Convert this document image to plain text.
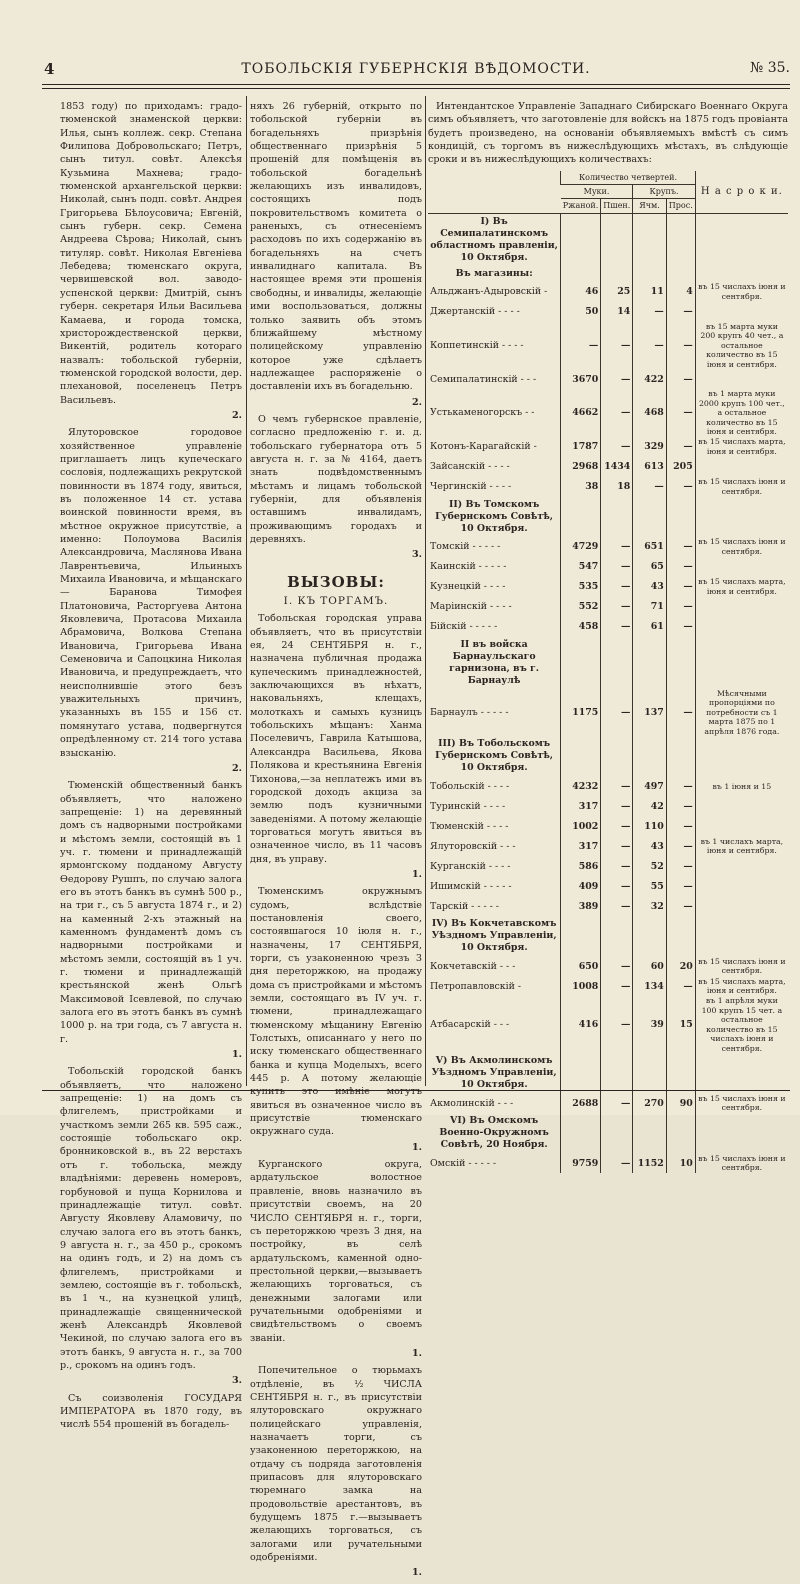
4	ТОБОЛЬСКІЯ ГУБЕРНСКІЯ ВѢДОМОСТИ.	№ 35.

1853 году) по приходамъ: градо-тюменской знаменской церкви: Илья, сынъ коллеж. секр. Степана Филипова Добровольскаго; Петръ, сынъ титул. совѣт. Алексѣя Кузьмина Махнева; градо-тюменской архангельской церкви: Николай, сынъ подп. совѣт. Андрея Григорьева Бѣлоусовича; Евгеній, сынъ губерн. секр. Семена Андреева Сѣрова; Николай, сынъ титуляр. совѣт. Николая Евгеніева Лебедева; тюменскаго округа, червишевской вол. заводо-успенской церкви: Дмитрій, сынъ губерн. секретаря Ильи Васильева Камаева, и города томска, христорождественской церкви, Викентій, родитель котораго назвалъ: тобольской губерніи, тюменской городской волости, дер. плехановой, поселенецъ Петръ Васильевъ.

2.

Ялуторовское городовое хозяйственное управленіе приглашаетъ лицъ купеческаго сословія, подлежащихъ рекрутской повинности въ 1874 году, явиться, въ положенное 14 ст. устава воинской повинности время, въ мѣстное окружное присутствіе, а именно: Полоумова Василія Александровича, Маслянова Ивана Лаврентьевича, Ильиныхъ Михаила Ивановича, и мѣщанскаго — Баранова Тимофея Платоновича, Расторгуева Антона Яковлевича, Протасова Михаила Абрамовича, Волкова Степана Ивановича, Григорьева Ивана Семеновича и Сапоцкина Николая Ивановича, и предупреждаетъ, что неисполнившіе этого безъ уважительныхъ причинъ, указанныхъ въ 155 и 156 ст. помянутаго устава, подвергнутся опредѣленному ст. 214 того устава взысканію.

2.

Тюменскій общественный банкъ объявляетъ, что наложено запрещеніе: 1) на деревянный домъ съ надворными постройками и мѣстомъ земли, состоящій въ 1 уч. г. тюмени и принадлежащій ярмонгскому подданому Августу Ѳедорову Рушпъ, по случаю залога его въ этотъ банкъ въ сумнѣ 500 р., на три г., съ 5 августа 1874 г., и 2) на каменный 2-хъ этажный на каменномъ фундаментѣ домъ съ надворными постройками и мѣстомъ земли, состоящій въ 1 уч. г. тюмени и принадлежащій крестьянской женѣ Ольгѣ Максимовой Ісевлевой, по случаю залога его въ этотъ банкъ въ сумнѣ 1000 р. на три года, съ 7 августа н. г.

1.

Тобольскій городской банкъ объявляетъ, что наложено запрещеніе: 1) на домъ съ флигелемъ, пристройками и участкомъ земли 265 кв. 595 саж., состоящіе тобольскаго окр. бронниковской в., въ 22 верстахъ отъ г. тобольска, между владѣніями: деревень номеровъ, горбуновой и пуща Корнилова и принадлежащіе титул. совѣт. Августу Яковлеву Аламовичу, по случаю залога его въ этотъ банкъ, 9 августа н. г., за 450 р., срокомъ на одинъ годъ, и 2) на домъ съ флигелемъ, пристройками и землею, состоящіе въ г. тобольскѣ, въ 1 ч., на кузнецкой улицѣ, принадлежащіе священнической женѣ Александрѣ Яковлевой Чекиной, по случаю залога его въ этотъ банкъ, 9 августа н. г., за 700 р., срокомъ на одинъ годъ.

3.

Съ соизволенія ГОСУДАРЯ ИМПЕРАТОРА въ 1870 году, въ числѣ 554 прошеній въ богадель-

няхъ 26 губерній, открыто по тобольской губерніи въ богадельняхъ призрѣнія общественнаго призрѣнія 5 прошеній для помѣщенія въ тобольской богадельнѣ желающихъ изъ инвалидовъ, состоящихъ подъ покровительствомъ комитета о раненыхъ, съ отнесеніемъ расходовъ по ихъ содержанію въ богадельняхъ на счетъ инвалиднаго капитала. Въ настоящее время эти прошенія свободны, и инвалиды, желающіе ими воспользоваться, должны только заявить объ этомъ ближайшему мѣстному полицейскому управленію которое уже сдѣлаетъ надлежащее распоряженіе о доставленіи ихъ въ богадельню.

2.

О чемъ губернское правленіе, согласно предложенію г. и. д. тобольскаго губернатора отъ 5 августа н. г. за № 4164, даетъ знать подвѣдомственнымъ мѣстамъ и лицамъ тобольской губерніи, для объявленія оставшимъ инвалидамъ, проживающимъ городахъ и деревняхъ.

3.
ВЫЗОВЫ:
I. КЪ ТОРГАМЪ.

Тобольская городская управа объявляетъ, что въ присутствіи ея, 24 СЕНТЯБРЯ н. г., назначена публичная продажа купеческимъ принадлежностей, заключающихся въ нѣхатъ, наковальняхъ, клещахъ, молоткахъ и самыхъ кузницъ тобольскихъ мѣщанъ: Ханма Поселевичъ, Гаврила Катышова, Александра Васильева, Якова Полякова и крестьянина Евгенія Тихонова,—за неплатежъ ими въ городской доходъ акциза за землю подъ кузничными заведеніями. А потому желающіе торговаться могутъ явиться въ означенное число, въ 11 часовъ дня, въ управу.

1.

Тюменскимъ окружнымъ судомъ, вслѣдствіе постановленія своего, состоявшагося 10 іюля н. г., назначены, 17 СЕНТЯБРЯ, торги, съ узаконенною чрезъ 3 дня переторжкою, на продажу дома съ пристройками и мѣстомъ земли, состоящаго въ IV уч. г. тюмени, принадлежащаго тюменскому мѣщанину Евгенію Толстыхъ, описаннаго у него по иску тюменскаго общественнаго банка и купца Моделыхъ, всего 445 р. А потому желающіе купить это имѣніе могутъ явиться въ означенное число въ присутствіе тюменскаго окружнаго суда.

1.

Курганского округа, ардатульское волостное правленіе, вновь назначило въ присутствіи своемъ, на 20 ЧИСЛО СЕНТЯБРЯ н. г., торги, съ переторжкою чрезъ 3 дня, на постройку, въ селѣ ардатульскомъ, каменной одно-престольной церкви,—вызываетъ желающихъ торговаться, съ денежными залогами или ручательными одобреніями и свидѣтельствомъ о своемъ званіи.

1.

Попечительное о тюрьмахъ отдѣленіе, въ ½ ЧИСЛА СЕНТЯБРЯ н. г., въ присутствіи ялуторовскаго окружнаго полицейскаго управленія, назначаетъ торги, съ узаконенною переторжкою, на отдачу съ подряда заготовленія припасовъ для ялуторовскаго тюремнаго замка на продовольствіе арестантовъ, въ будущемъ 1875 г.—вызываетъ желающихъ торговаться, съ залогами или ручательными одобреніями.

1.

Интендантское Управленіе Западнаго Сибирскаго Военнаго Округа симъ объявляетъ, что заготовленіе для войскъ на 1875 годъ провіанта будетъ произведено, на основаніи объявляемыхъ вмѣстѣ съ симъ кондицій, съ торгомъ въ нижеслѣдующихъ мѣстахъ, въ слѣдующіе сроки и въ нижеслѣдующихъ количествахъ:

	Количество четвертей.				Н а с р о к и.
	Муки.		Крупъ.		
	Ржаной.	Пшен.	Ячм.	Прос.	
I) Въ Семипалатинскомъ областномъ правленіи, 10 Октября.					
Въ магазины:					
Альджанъ-Адыровскій -	46	25	11	4	въ 15 числахъ іюня и сентября.
Джертанскій - - - -	50	14	—	—	
Коппетинскій - - - -	—	—	—	—	въ 15 марта муки 200 крупъ 40 чет., а остальное количество въ 15 іюня и сентября.
Семипалатинскій - - -	3670	—	422	—	
Устькаменогорскъ - -	4662	—	468	—	въ 1 марта муки 2000 крупъ 100 чет., а остальное количество въ 15 іюня и сентября.
Котонъ-Карагайскій -	1787	—	329	—	въ 15 числахъ марта, іюня и сентября.
Зайсанскій - - - -	2968	1434	613	205	
Чергинскій - - - -	38	18	—	—	въ 15 числахъ іюня и сентября.
II) Въ Томскомъ Губернскомъ Совѣтѣ, 10 Октября.					
Томскій - - - - -	4729	—	651	—	въ 15 числахъ іюня и сентября.
Каинскій - - - - -	547	—	65	—	
Кузнецкій - - - -	535	—	43	—	въ 15 числахъ марта, іюня и сентября.
Маріинскій - - - -	552	—	71	—	
Бійскій - - - - -	458	—	61	—	
II въ войска Барнаульскаго гарнизона, въ г. Барнаулѣ					
Барнаулъ - - - - -	1175	—	137	—	Мѣсячными пропорціями по потребности съ 1 марта 1875 по 1 апрѣля 1876 года.
III) Въ Тобольскомъ Губернскомъ Совѣтѣ, 10 Октября.					
Тобольскій - - - -	4232	—	497	—	въ 1 іюня и 15
Туринскій - - - -	317	—	42	—	
Тюменскій - - - -	1002	—	110	—	
Ялуторовскій - - -	317	—	43	—	въ 1 числахъ марта, іюня и сентября.
Курганскій - - - -	586	—	52	—	
Ишимскій - - - - -	409	—	55	—	
Тарскій - - - - -	389	—	32	—	
IV) Въ Кокчетавскомъ Уѣздномъ Управленіи, 10 Октября.					
Кокчетавскій - - -	650	—	60	20	въ 15 числахъ іюня и сентября.
Петропавловскій -	1008	—	134	—	въ 15 числахъ марта, іюня и сентября.
Атбасарскій - - -	416	—	39	15	въ 1 апрѣля муки 100 крупъ 15 чет. а остальное количество въ 15 числахъ іюня и сентября.
V) Въ Акмолинскомъ Уѣздномъ Управленіи, 10 Октября.					
Акмолинскій - - -	2688	—	270	90	въ 15 числахъ іюня и сентября.
VI) Въ Омскомъ Военно-Окружномъ Совѣтѣ, 20 Ноября.					
Омскій - - - - -	9759	—	1152	10	въ 15 числахъ іюня и сентября.
